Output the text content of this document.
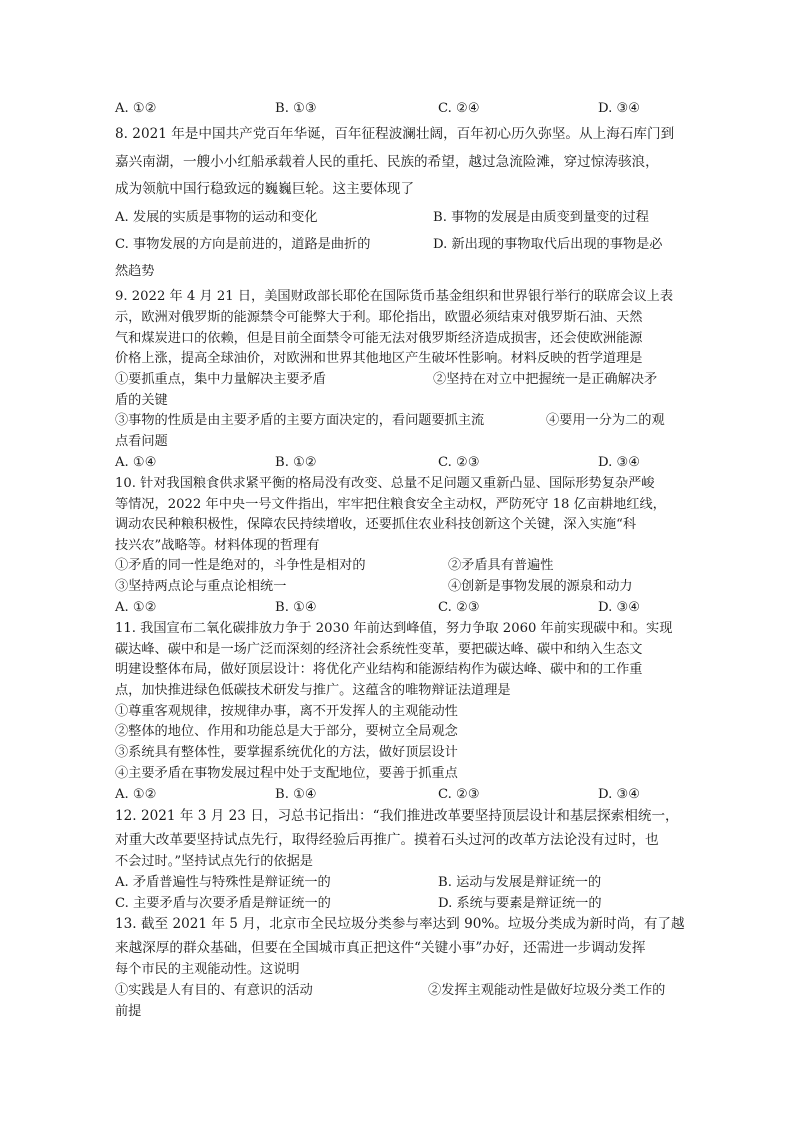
A. ①②	B. ①③	C. ②④	D. ③④
8. 2021 年是中国共产党百年华诞，百年征程波澜壮阔，百年初心历久弥坚。从上海石库门到
嘉兴南湖，一艘小小红船承载着人民的重托、民族的希望，越过急流险滩，穿过惊涛骇浪，
成为领航中国行稳致远的巍巍巨轮。这主要体现了
A. 发展的实质是事物的运动和变化	B. 事物的发展是由质变到量变的过程
C. 事物发展的方向是前进的，道路是曲折的	D. 新出现的事物取代后出现的事物是必
然趋势
9. 2022 年 4 月 21 日，美国财政部长耶伦在国际货币基金组织和世界银行举行的联席会议上表
示，欧洲对俄罗斯的能源禁令可能弊大于利。耶伦指出，欧盟必须结束对俄罗斯石油、天然
气和煤炭进口的依赖，但是目前全面禁令可能无法对俄罗斯经济造成损害，还会使欧洲能源
价格上涨，提高全球油价，对欧洲和世界其他地区产生破坏性影响。材料反映的哲学道理是
①要抓重点，集中力量解决主要矛盾	②坚持在对立中把握统一是正确解决矛
盾的关键
③事物的性质是由主要矛盾的主要方面决定的，看问题要抓主流	④要用一分为二的观
点看问题
A. ①④	B. ①②	C. ②③	D. ③④
10. 针对我国粮食供求紧平衡的格局没有改变、总量不足问题又重新凸显、国际形势复杂严峻
等情况，2022 年中央一号文件指出，牢牢把住粮食安全主动权，严防死守 18 亿亩耕地红线，
调动农民种粮积极性，保障农民持续增收，还要抓住农业科技创新这个关键，深入实施“科
技兴农”战略等。材料体现的哲理有
①矛盾的同一性是绝对的，斗争性是相对的	②矛盾具有普遍性
③坚持两点论与重点论相统一	④创新是事物发展的源泉和动力
A. ①②	B. ①④	C. ②③	D. ③④
11. 我国宣布二氧化碳排放力争于 2030 年前达到峰值，努力争取 2060 年前实现碳中和。实现
碳达峰、碳中和是一场广泛而深刻的经济社会系统性变革，要把碳达峰、碳中和纳入生态文
明建设整体布局，做好顶层设计：将优化产业结构和能源结构作为碳达峰、碳中和的工作重
点，加快推进绿色低碳技术研发与推广。这蕴含的唯物辩证法道理是
①尊重客观规律，按规律办事，离不开发挥人的主观能动性
②整体的地位、作用和功能总是大于部分，要树立全局观念
③系统具有整体性，要掌握系统优化的方法，做好顶层设计
④主要矛盾在事物发展过程中处于支配地位，要善于抓重点
A. ①②	B. ①④	C. ②③	D. ③④
12. 2021 年 3 月 23 日，习总书记指出：“我们推进改革要坚持顶层设计和基层探索相统一，
对重大改革要坚持试点先行，取得经验后再推广。摸着石头过河的改革方法论没有过时，也
不会过时。”坚持试点先行的依据是
A. 矛盾普遍性与特殊性是辩证统一的	B. 运动与发展是辩证统一的
C. 主要矛盾与次要矛盾是辩证统一的	D. 系统与要素是辩证统一的
13. 截至 2021 年 5 月，北京市全民垃圾分类参与率达到 90%。垃圾分类成为新时尚，有了越
来越深厚的群众基础，但要在全国城市真正把这件“关键小事”办好，还需进一步调动发挥
每个市民的主观能动性。这说明
①实践是人有目的、有意识的活动	②发挥主观能动性是做好垃圾分类工作的
前提
